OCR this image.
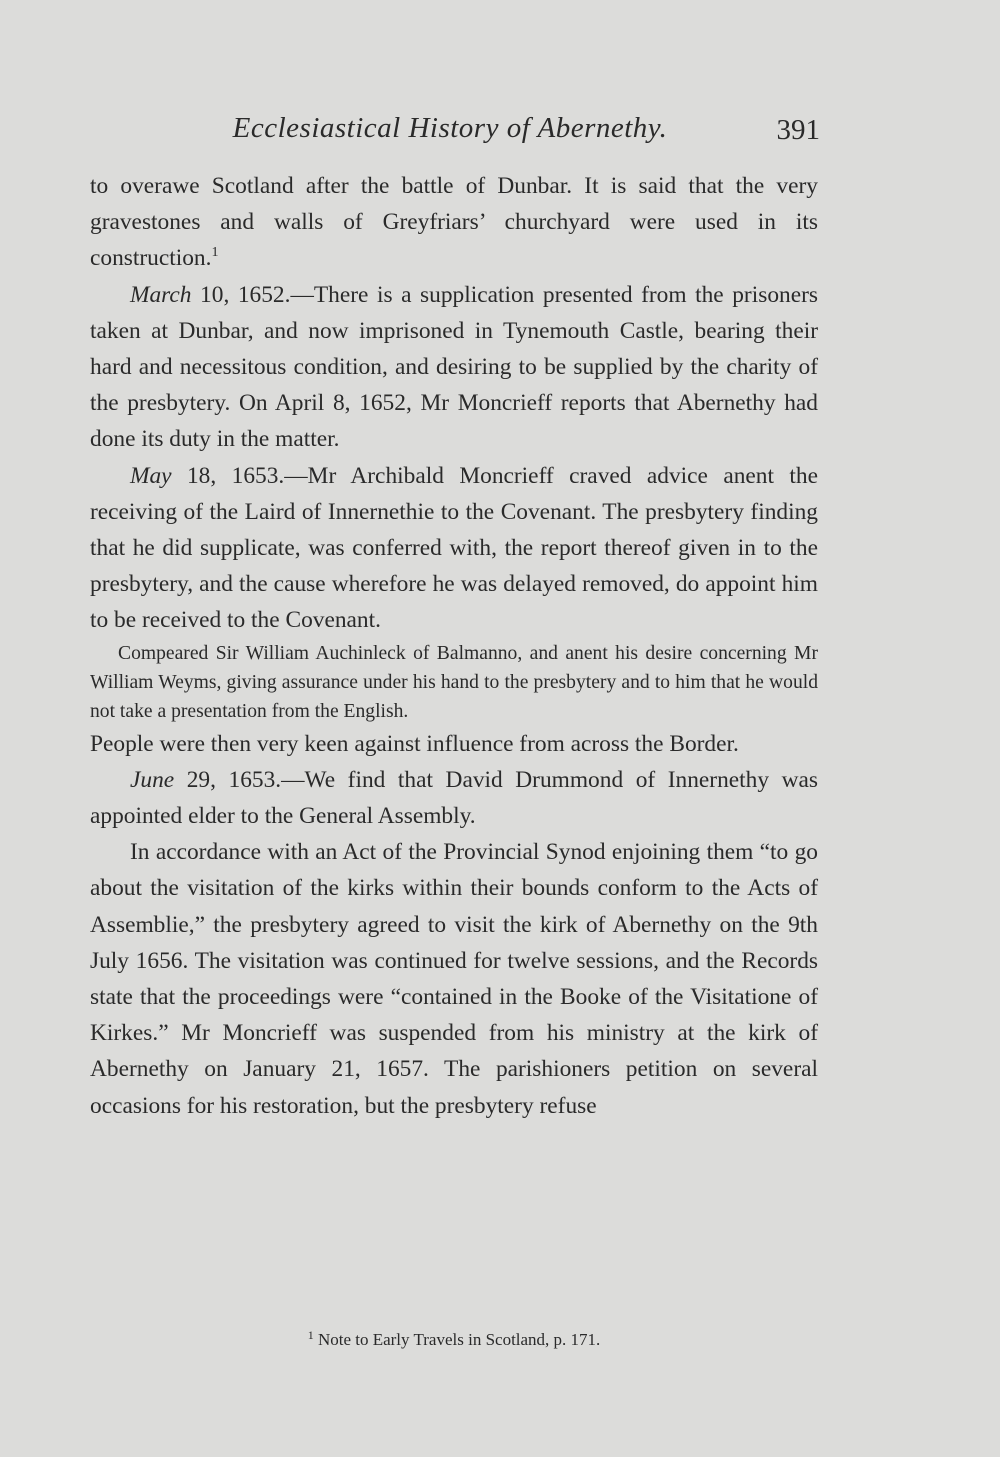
Ecclesiastical History of Abernethy.	391

to overawe Scotland after the battle of Dunbar. It is said that the very gravestones and walls of Greyfriars’ churchyard were used in its construction.$^1$

March 10, 1652.—There is a supplication presented from the prisoners taken at Dunbar, and now imprisoned in Tynemouth Castle, bearing their hard and necessitous condition, and desiring to be supplied by the charity of the presbytery. On April 8, 1652, Mr Moncrieff reports that Abernethy had done its duty in the matter.

May 18, 1653.—Mr Archibald Moncrieff craved advice anent the receiving of the Laird of Innernethie to the Covenant. The presbytery finding that he did supplicate, was conferred with, the report thereof given in to the presbytery, and the cause wherefore he was delayed removed, do appoint him to be received to the Covenant.

Compeared Sir William Auchinleck of Balmanno, and anent his desire concerning Mr William Weyms, giving assurance under his hand to the presbytery and to him that he would not take a presentation from the English.

People were then very keen against influence from across the Border.

June 29, 1653.—We find that David Drummond of Innernethy was appointed elder to the General Assembly.

In accordance with an Act of the Provincial Synod enjoining them “to go about the visitation of the kirks within their bounds conform to the Acts of Assemblie,” the presbytery agreed to visit the kirk of Abernethy on the 9th July 1656. The visitation was continued for twelve sessions, and the Records state that the proceedings were “contained in the Booke of the Visitatione of Kirkes.” Mr Moncrieff was suspended from his ministry at the kirk of Abernethy on January 21, 1657. The parishioners petition on several occasions for his restoration, but the presbytery refuse

$^1$ Note to Early Travels in Scotland, p. 171.
